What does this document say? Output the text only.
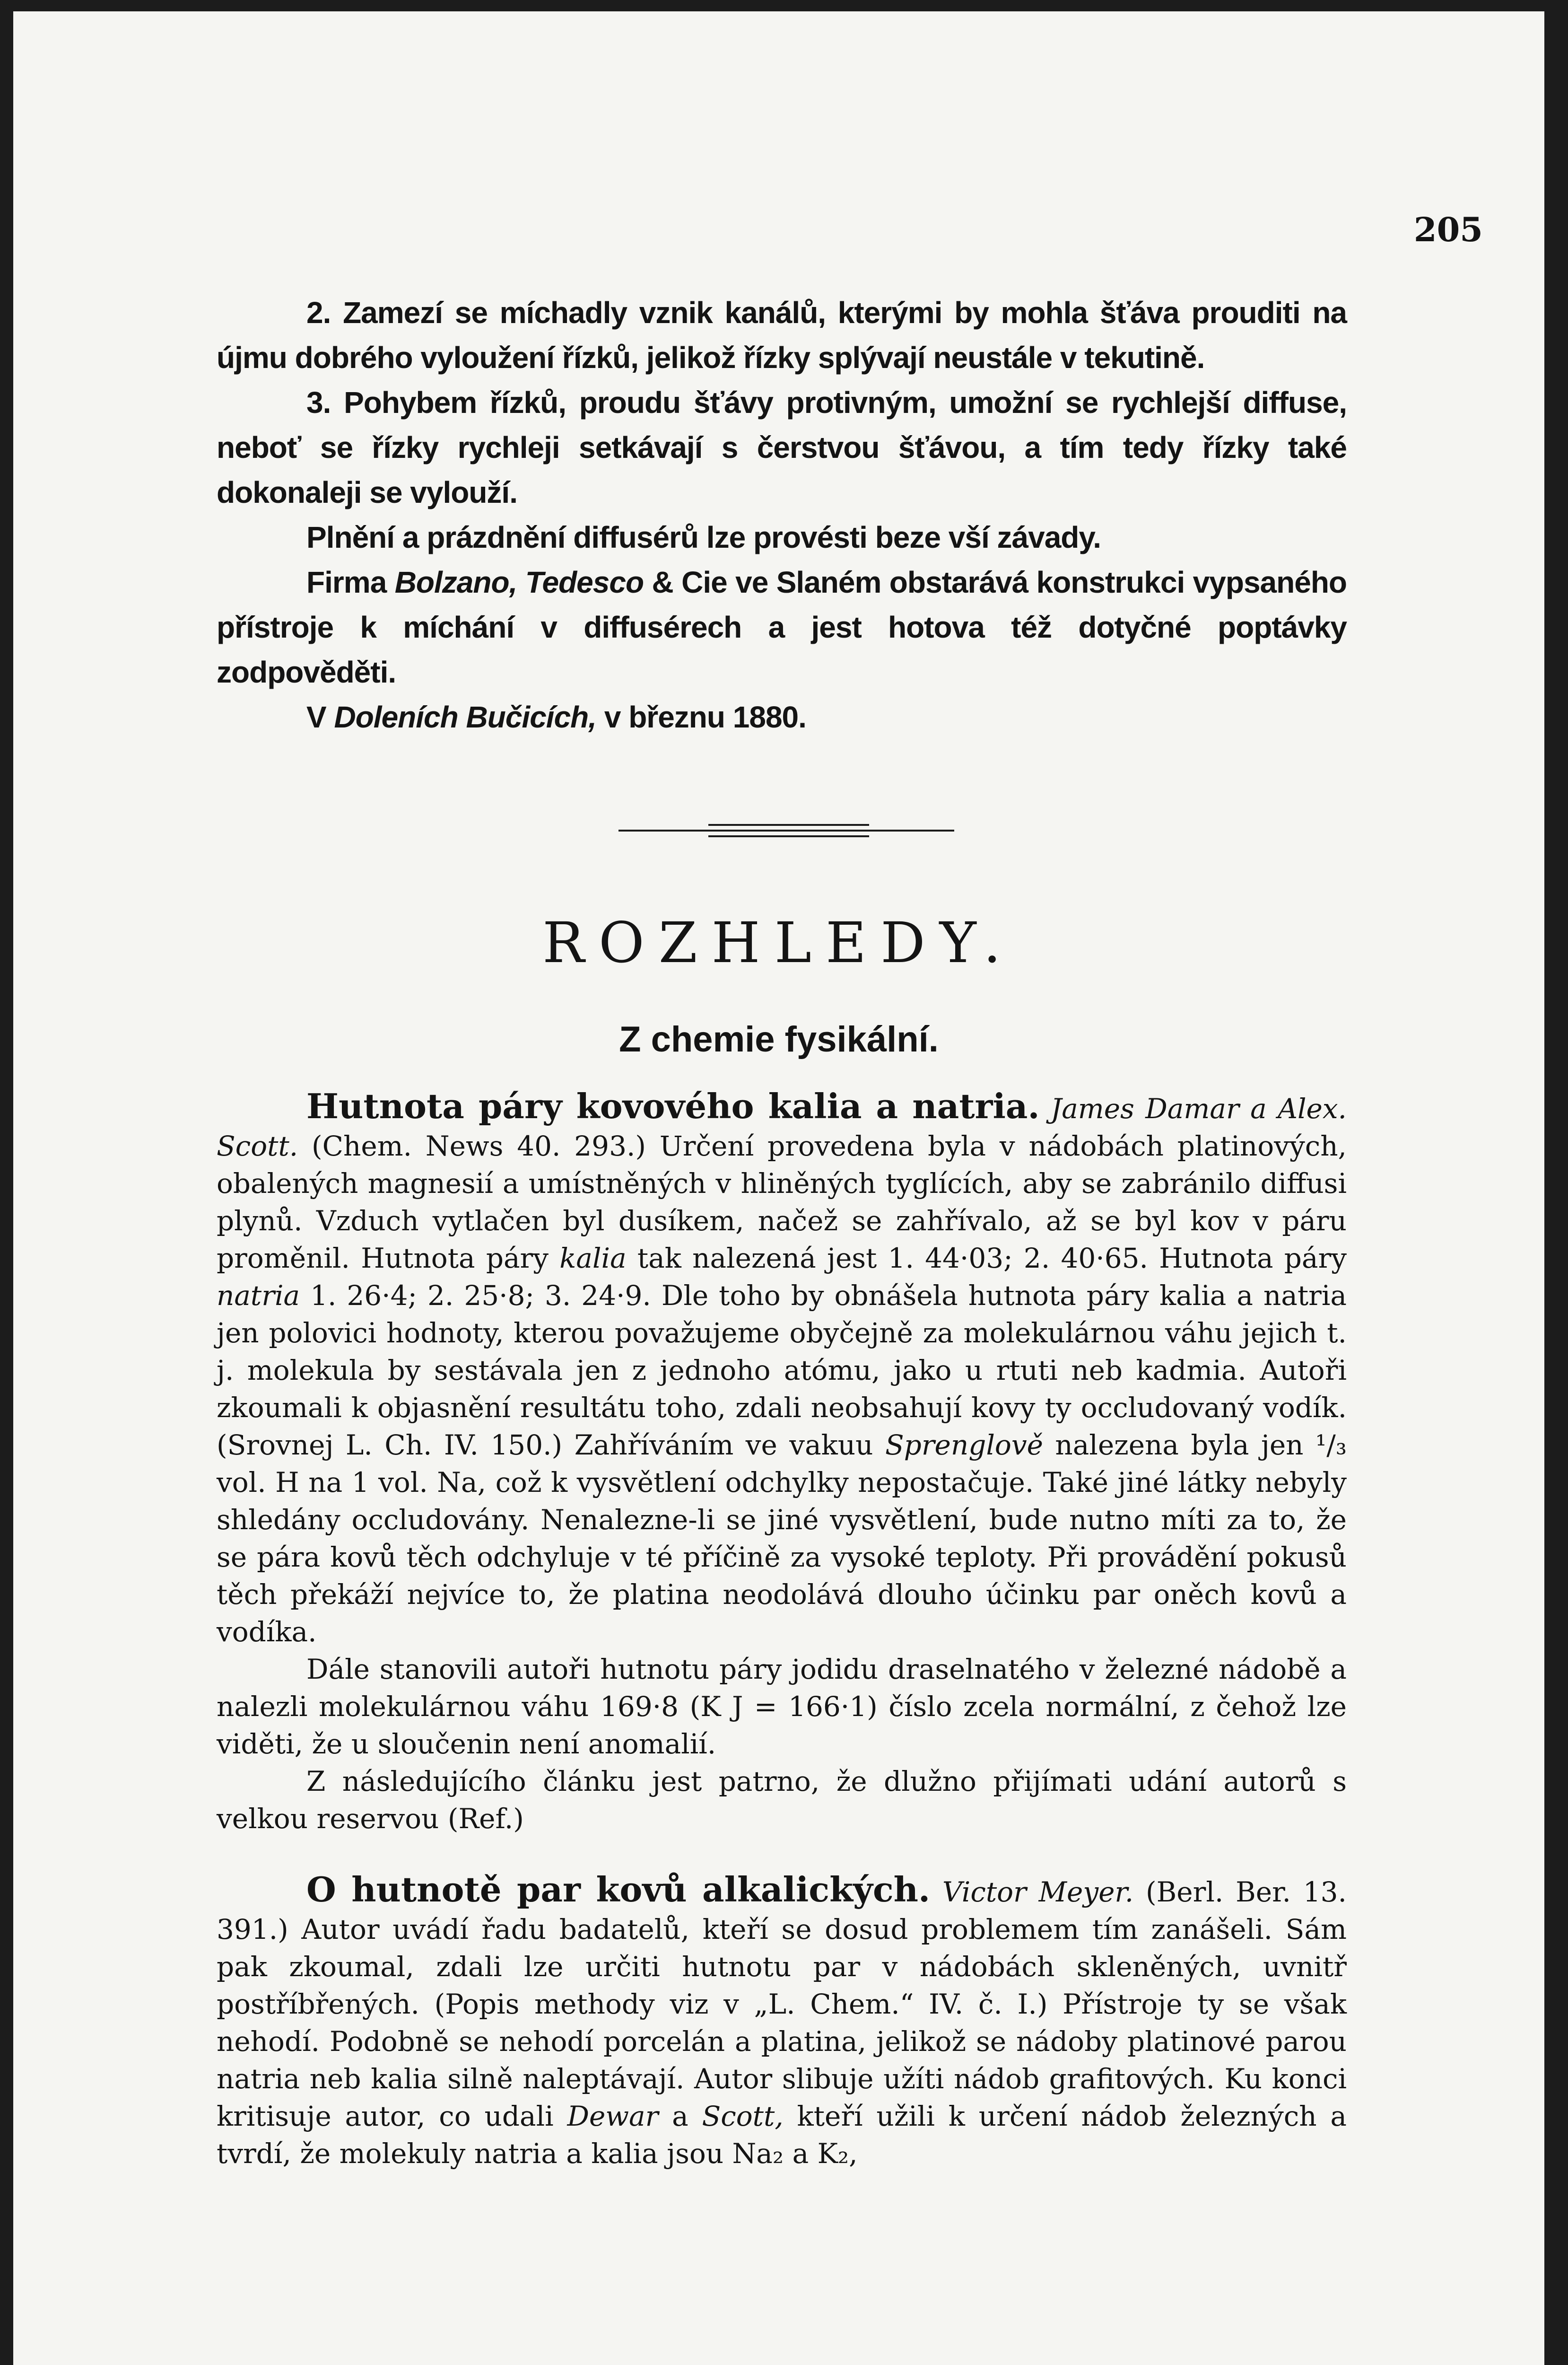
205

2. Zamezí se míchadly vznik kanálů, kterými by mohla šťáva prouditi na újmu dobrého vyloužení řízků, jelikož řízky splývají neustále v tekutině.

3. Pohybem řízků, proudu šťávy protivným, umožní se rychlejší diffuse, neboť se řízky rychleji setkávají s čerstvou šťávou, a tím tedy řízky také dokonaleji se vylouží.

Plnění a prázdnění diffusérů lze provésti beze vší závady.

Firma Bolzano, Tedesco & Cie ve Slaném obstarává konstrukci vypsaného přístroje k míchání v diffusérech a jest hotova též dotyčné poptávky zodpověděti.

V Doleních Bučicích, v březnu 1880.

ROZHLEDY.
Z chemie fysikální.

Hutnota páry kovového kalia a natria. James Damar a Alex. Scott. (Chem. News 40. 293.) Určení provedena byla v nádobách platinových, obalených magnesií a umístněných v hliněných tyglících, aby se zabránilo diffusi plynů. Vzduch vytlačen byl dusíkem, načež se zahřívalo, až se byl kov v páru proměnil. Hutnota páry kalia tak nalezená jest 1. 44·03; 2. 40·65. Hutnota páry natria 1. 26·4; 2. 25·8; 3. 24·9. Dle toho by obnášela hutnota páry kalia a natria jen polovici hodnoty, kterou považujeme obyčejně za molekulárnou váhu jejich t. j. molekula by sestávala jen z jednoho atómu, jako u rtuti neb kadmia. Autoři zkoumali k objasnění resultátu toho, zdali neobsahují kovy ty occludovaný vodík. (Srovnej L. Ch. IV. 150.) Zahříváním ve vakuu Sprenglově nalezena byla jen ¹/₃ vol. H na 1 vol. Na, což k vysvětlení odchylky nepostačuje. Také jiné látky nebyly shledány occludovány. Nenalezne-li se jiné vysvětlení, bude nutno míti za to, že se pára kovů těch odchyluje v té příčině za vysoké teploty. Při provádění pokusů těch překáží nejvíce to, že platina neodolává dlouho účinku par oněch kovů a vodíka.

Dále stanovili autoři hutnotu páry jodidu draselnatého v železné nádobě a nalezli molekulárnou váhu 169·8 (K J = 166·1) číslo zcela normální, z čehož lze viděti, že u sloučenin není anomalií.

Z následujícího článku jest patrno, že dlužno přijímati udání autorů s velkou reservou (Ref.)

O hutnotě par kovů alkalických. Victor Meyer. (Berl. Ber. 13. 391.) Autor uvádí řadu badatelů, kteří se dosud problemem tím zanášeli. Sám pak zkoumal, zdali lze určiti hutnotu par v nádobách skleněných, uvnitř postříbřených. (Popis methody viz v „L. Chem.“ IV. č. I.) Přístroje ty se však nehodí. Podobně se nehodí porcelán a platina, jelikož se nádoby platinové parou natria neb kalia silně naleptávají. Autor slibuje užíti nádob grafitových. Ku konci kritisuje autor, co udali Dewar a Scott, kteří užili k určení nádob železných a tvrdí, že molekuly natria a kalia jsou Na₂ a K₂,
